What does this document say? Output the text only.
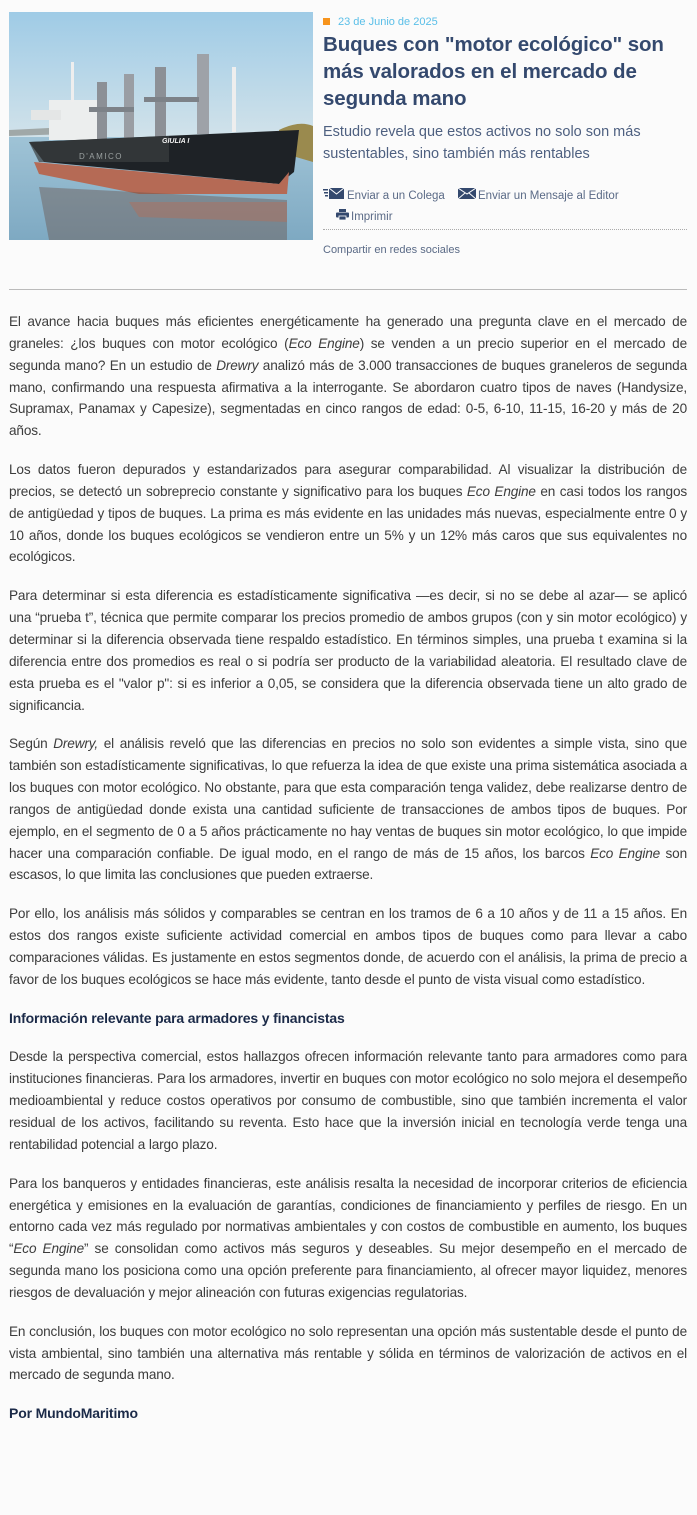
GIULIA I
D'AMICO
23 de Junio de 2025
Buques con "motor ecológico" son más valorados en el mercado de segunda mano
Estudio revela que estos activos no solo son más sustentables, sino también más rentables
Enviar a un Colega
	Enviar un Mensaje al Editor
Imprimir
Compartir en redes sociales

El avance hacia buques más eficientes energéticamente ha generado una pregunta clave en el mercado de graneles: ¿los buques con motor ecológico (Eco Engine) se venden a un precio superior en el mercado de segunda mano? En un estudio de Drewry analizó más de 3.000 transacciones de buques graneleros de segunda mano, confirmando una respuesta afirmativa a la interrogante. Se abordaron cuatro tipos de naves (Handysize, Supramax, Panamax y Capesize), segmentadas en cinco rangos de edad: 0-5, 6-10, 11-15, 16-20 y más de 20 años.

Los datos fueron depurados y estandarizados para asegurar comparabilidad. Al visualizar la distribución de precios, se detectó un sobreprecio constante y significativo para los buques Eco Engine en casi todos los rangos de antigüedad y tipos de buques. La prima es más evidente en las unidades más nuevas, especialmente entre 0 y 10 años, donde los buques ecológicos se vendieron entre un 5% y un 12% más caros que sus equivalentes no ecológicos.

Para determinar si esta diferencia es estadísticamente significativa —es decir, si no se debe al azar— se aplicó una “prueba t”, técnica que permite comparar los precios promedio de ambos grupos (con y sin motor ecológico) y determinar si la diferencia observada tiene respaldo estadístico. En términos simples, una prueba t examina si la diferencia entre dos promedios es real o si podría ser producto de la variabilidad aleatoria. El resultado clave de esta prueba es el "valor p": si es inferior a 0,05, se considera que la diferencia observada tiene un alto grado de significancia.

Según Drewry, el análisis reveló que las diferencias en precios no solo son evidentes a simple vista, sino que también son estadísticamente significativas, lo que refuerza la idea de que existe una prima sistemática asociada a los buques con motor ecológico. No obstante, para que esta comparación tenga validez, debe realizarse dentro de rangos de antigüedad donde exista una cantidad suficiente de transacciones de ambos tipos de buques. Por ejemplo, en el segmento de 0 a 5 años prácticamente no hay ventas de buques sin motor ecológico, lo que impide hacer una comparación confiable. De igual modo, en el rango de más de 15 años, los barcos Eco Engine son escasos, lo que limita las conclusiones que pueden extraerse.

Por ello, los análisis más sólidos y comparables se centran en los tramos de 6 a 10 años y de 11 a 15 años. En estos dos rangos existe suficiente actividad comercial en ambos tipos de buques como para llevar a cabo comparaciones válidas. Es justamente en estos segmentos donde, de acuerdo con el análisis, la prima de precio a favor de los buques ecológicos se hace más evidente, tanto desde el punto de vista visual como estadístico.

Información relevante para armadores y financistas

Desde la perspectiva comercial, estos hallazgos ofrecen información relevante tanto para armadores como para instituciones financieras. Para los armadores, invertir en buques con motor ecológico no solo mejora el desempeño medioambiental y reduce costos operativos por consumo de combustible, sino que también incrementa el valor residual de los activos, facilitando su reventa. Esto hace que la inversión inicial en tecnología verde tenga una rentabilidad potencial a largo plazo.

Para los banqueros y entidades financieras, este análisis resalta la necesidad de incorporar criterios de eficiencia energética y emisiones en la evaluación de garantías, condiciones de financiamiento y perfiles de riesgo. En un entorno cada vez más regulado por normativas ambientales y con costos de combustible en aumento, los buques “Eco Engine” se consolidan como activos más seguros y deseables. Su mejor desempeño en el mercado de segunda mano los posiciona como una opción preferente para financiamiento, al ofrecer mayor liquidez, menores riesgos de devaluación y mejor alineación con futuras exigencias regulatorias.

En conclusión, los buques con motor ecológico no solo representan una opción más sustentable desde el punto de vista ambiental, sino también una alternativa más rentable y sólida en términos de valorización de activos en el mercado de segunda mano.

Por MundoMaritimo
